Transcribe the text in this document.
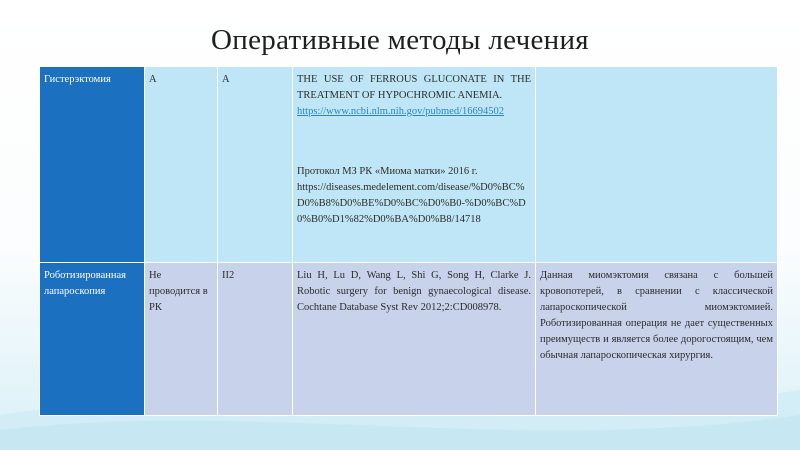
Оперативные методы лечения
Гистерэктомия	A	A	THE USE OF FERROUS GLUCONATE IN THE TREATMENT OF HYPOCHROMIC ANEMIA.
https://www.ncbi.nlm.nih.gov/pubmed/16694502
Протокол МЗ РК «Миома матки» 2016 г.
https://diseases.medelement.com/disease/%D0%BC%D0%B8%D0%BE%D0%BC%D0%B0-%D0%BC%D0%B0%D1%82%D0%BA%D0%B8/14718	

Роботизированная лапароскопия	Не проводится в РК	II2	Liu H, Lu D, Wang L, Shi G, Song H, Clarke J. Robotic surgery for benign gynaecological disease. Cochtane Database Syst Rev 2012;2:CD008978.	Данная миомэктомия связана с большей кровопотерей, в сравнении с классической лапароскопической миомэктомией. Роботизированная операция не дает существенных преимуществ и является более дорогостоящим, чем обычная лапароскопическая хирургия.
